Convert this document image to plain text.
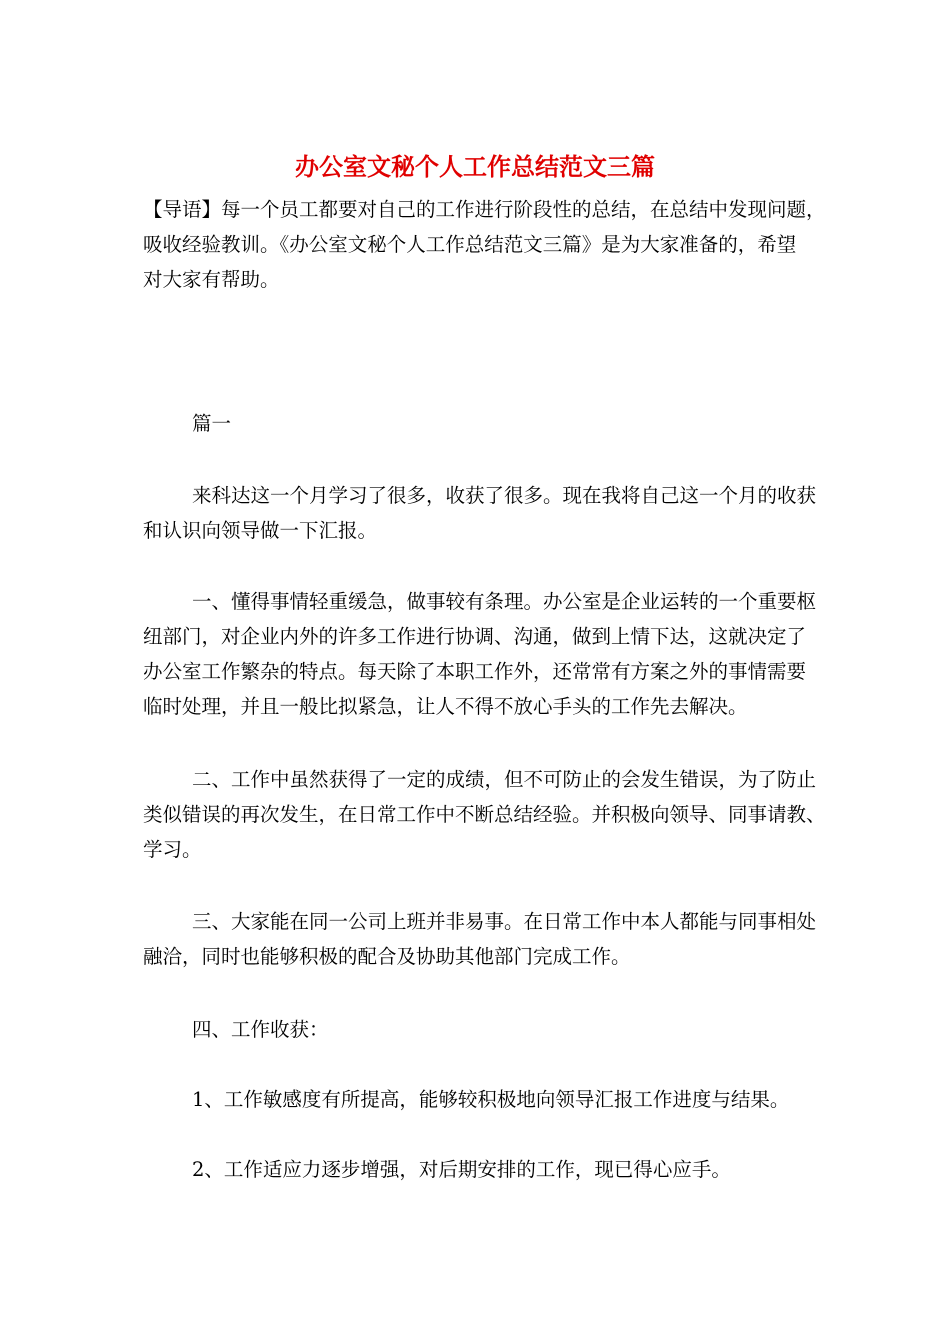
办公室文秘个人工作总结范文三篇
【导语】每一个员工都要对自己的工作进行阶段性的总结，在总结中发现问题，
吸收经验教训。《办公室文秘个人工作总结范文三篇》是为大家准备的，希望
对大家有帮助。
篇一
来科达这一个月学习了很多，收获了很多。现在我将自己这一个月的收获
和认识向领导做一下汇报。
一、懂得事情轻重缓急，做事较有条理。办公室是企业运转的一个重要枢
纽部门，对企业内外的许多工作进行协调、沟通，做到上情下达，这就决定了
办公室工作繁杂的特点。每天除了本职工作外，还常常有方案之外的事情需要
临时处理，并且一般比拟紧急，让人不得不放心手头的工作先去解决。
二、工作中虽然获得了一定的成绩，但不可防止的会发生错误，为了防止
类似错误的再次发生，在日常工作中不断总结经验。并积极向领导、同事请教、
学习。
三、大家能在同一公司上班并非易事。在日常工作中本人都能与同事相处
融洽，同时也能够积极的配合及协助其他部门完成工作。
四、工作收获：
1、工作敏感度有所提高，能够较积极地向领导汇报工作进度与结果。
2、工作适应力逐步增强，对后期安排的工作，现已得心应手。
